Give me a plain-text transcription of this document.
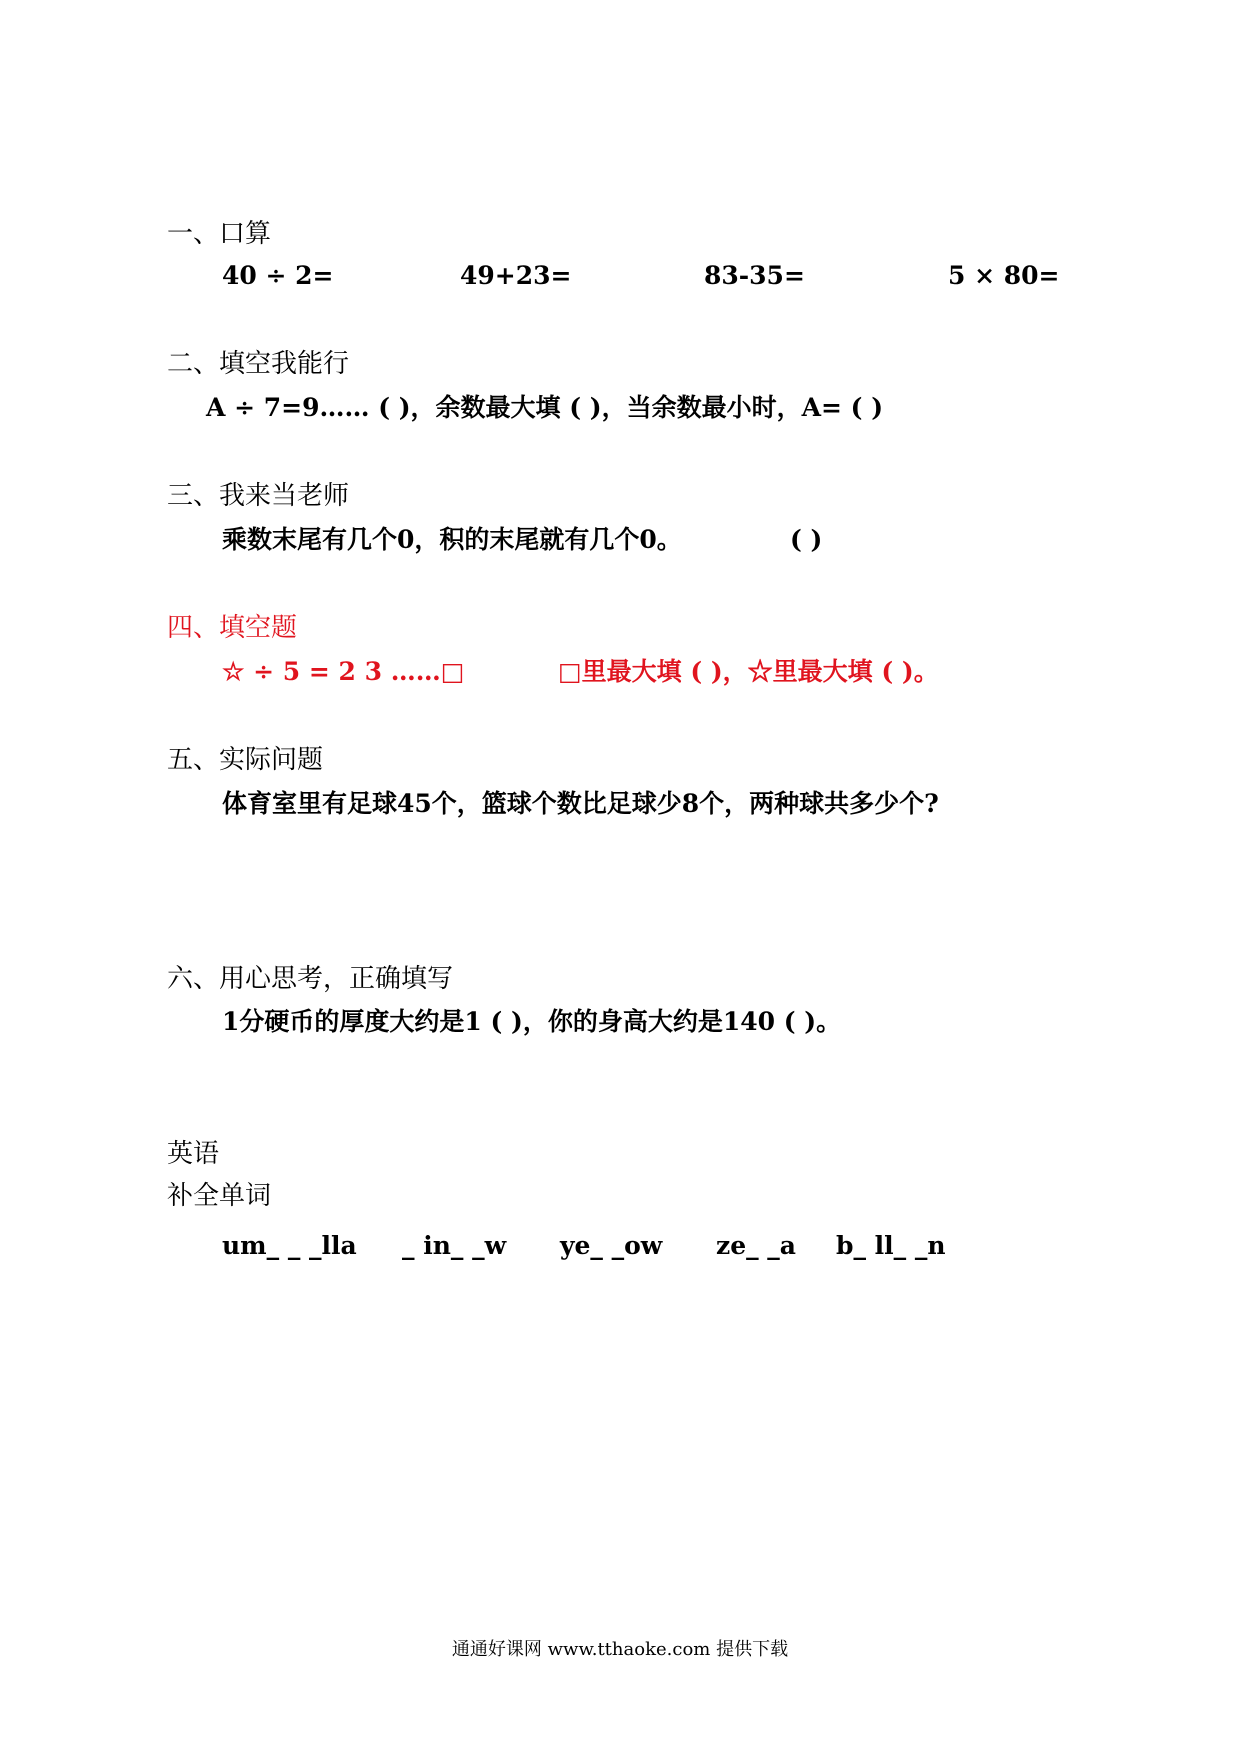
一、口算
40 ÷ 2=	49+23=	83-35=	5 × 80=
二、填空我能行
A ÷ 7=9…… ( )，余数最大填 ( )，当余数最小时，A= ( )
三、我来当老师
乘数末尾有几个0，积的末尾就有几个0。	( )
四、填空题
☆ ÷ 5 = 2 3 ……□	□里最大填 ( )，☆里最大填 ( )。
五、实际问题
体育室里有足球45个，篮球个数比足球少8个，两种球共多少个?
六、用心思考，正确填写
1分硬币的厚度大约是1 ( )，你的身高大约是140 ( )。
英语
补全单词
um_ _ _lla _ in_ _w ye_ _ow ze_ _a b_ ll_ _n
通通好课网 www.tthaoke.com 提供下载
